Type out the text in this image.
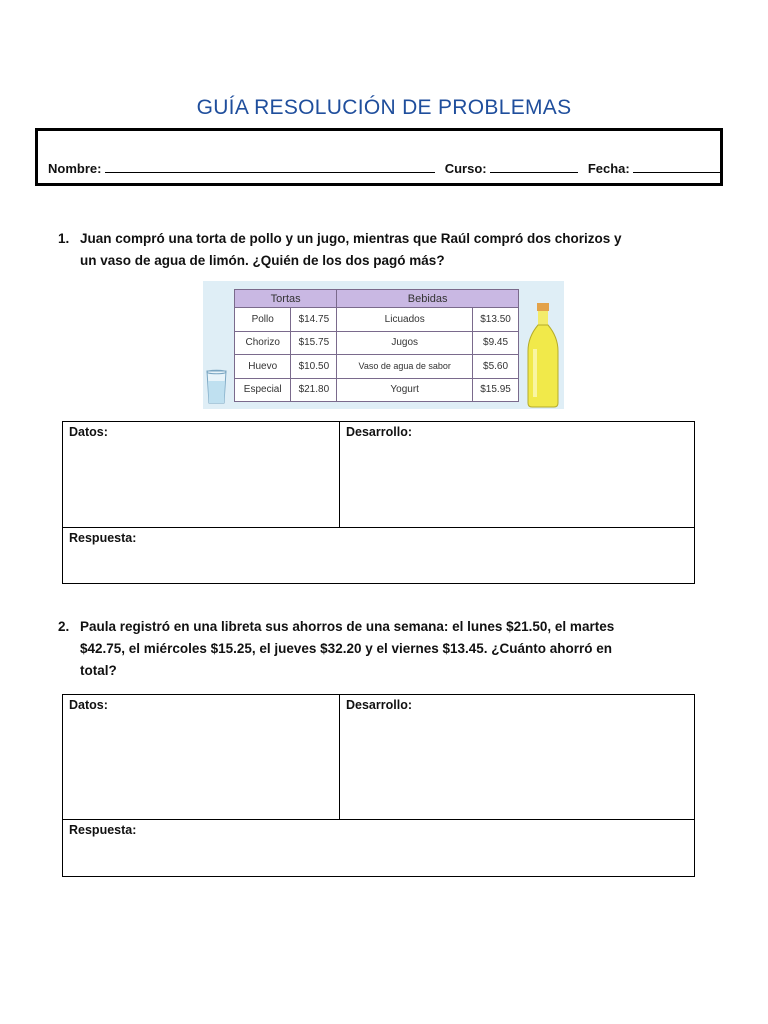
GUÍA RESOLUCIÓN DE PROBLEMAS
Nombre:	Curso:	Fecha:
1. Juan compró una torta de pollo y un jugo, mientras que Raúl compró dos chorizos y
un vaso de agua de limón. ¿Quién de los dos pagó más?
Tortas		Bebidas	
Pollo	$14.75	Licuados	$13.50
Chorizo	$15.75	Jugos	$9.45
Huevo	$10.50	Vaso de agua de sabor	$5.60
Especial	$21.80	Yogurt	$15.95
Datos:	Desarrollo:
Respuesta:
2. Paula registró en una libreta sus ahorros de una semana: el lunes $21.50, el martes
$42.75, el miércoles $15.25, el jueves $32.20 y el viernes $13.45. ¿Cuánto ahorró en
total?
Datos:	Desarrollo:
Respuesta:
